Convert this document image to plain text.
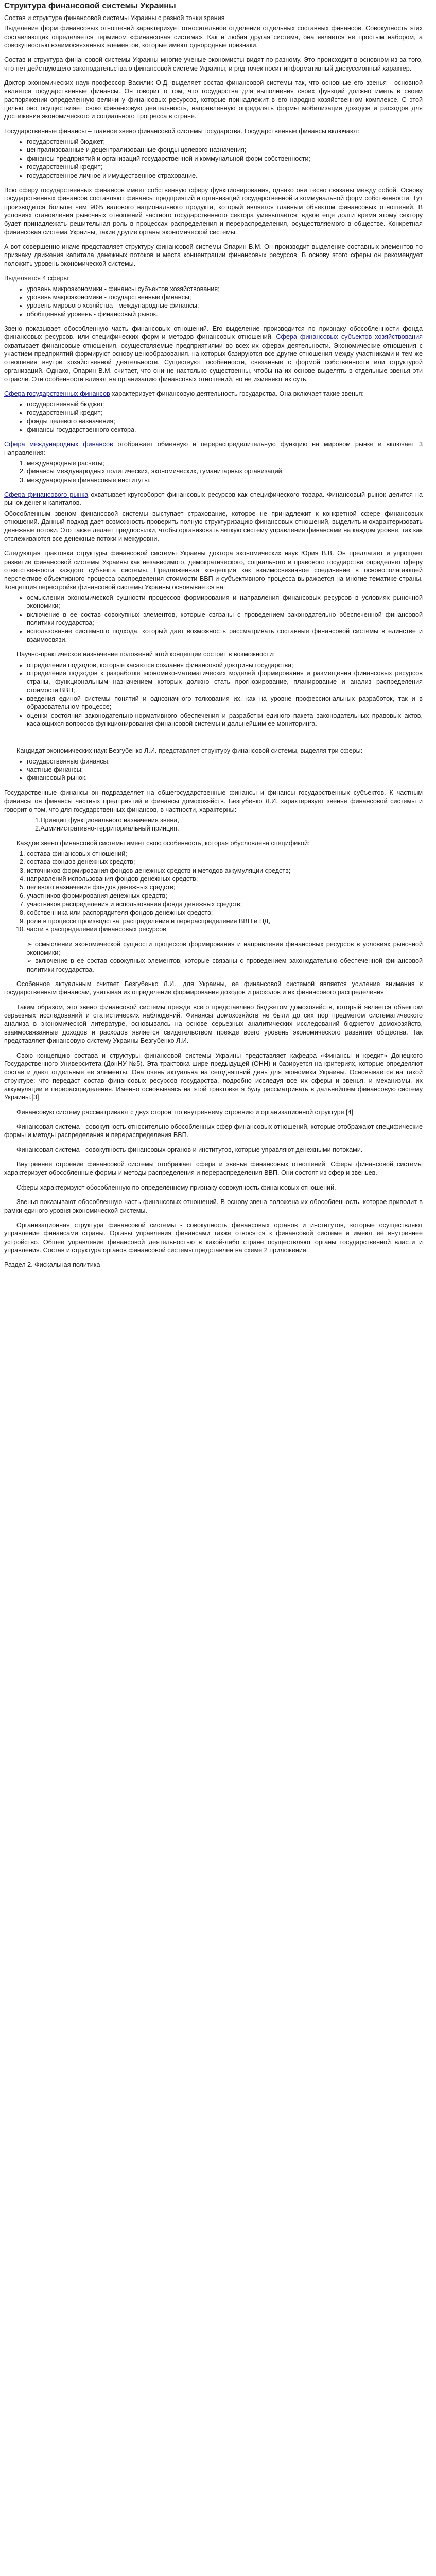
Структура финансовой системы Украины

Состав и структура финансовой системы Украины с разной точки зрения

Выделение форм финансовых отношений характеризует относительное отделение отдельных составных финансов. Совокупность этих составляющих определяется термином «финансовая система». Как и любая другая система, она является не простым набором, а совокупностью взаимосвязанных элементов, которые имеют однородные признаки.

Состав и структура финансовой системы Украины многие ученые-экономисты видят по-разному. Это происходит в основном из-за того, что нет действующего законодательства о финансовой системе Украины, и ряд точек носит информативный дискуссионный характер.

Доктор экономических наук профессор Василик О.Д. выделяет состав финансовой системы так, что основные его звенья - основной является государственные финансы. Он говорит о том, что государства для выполнения своих функций должно иметь в своем распоряжении определенную величину финансовых ресурсов, которые принадлежит в его народно-хозяйственном комплексе. С этой целью оно осуществляет свою финансовую деятельность, направленную определять формы мобилизации доходов и расходов для достижения экономического и социального прогресса в стране.

Государственные финансы – главное звено финансовой системы государства. Государственные финансы включают:

• государственный бюджет;
• централизованные и децентрализованные фонды целевого назначения;
• финансы предприятий и организаций государственной и коммунальной форм собственности;
• государственный кредит;
• государственное личное и имущественное страхование.

Всю сферу государственных финансов имеет собственную сферу функционирования, однако они тесно связаны между собой. Основу государственных финансов составляют финансы предприятий и организаций государственной и коммунальной форм собственности. Тут производится больше чем 90% валового национального продукта, который является главным объектом финансовых отношений. В условиях становления рыночных отношений частного государственного сектора уменьшается; вдвое еще долги время этому сектору будет принадлежать решительная роль в процессах распределения и перераспределения, осуществляемого в обществе. Конкретная финансовая система Украины, такие другие органы экономической системы.

А вот совершенно иначе представляет структуру финансовой системы Опарин В.М. Он производит выделение составных элементов по признаку движения капитала денежных потоков и места концентрации финансовых ресурсов. В основу этого сферы он рекомендует положить уровень экономической системы.

Выделяется 4 сферы:

• уровень микроэкономики - финансы субъектов хозяйствования;
• уровень макроэкономики - государственные финансы;
• уровень мирового хозяйства - международные финансы;
• обобщенный уровень - финансовый рынок.

Звено показывает обособленную часть финансовых отношений. Его выделение производится по признаку обособленности фонда финансовых ресурсов, или специфических форм и методов финансовых отношений. Сфера финансовых субъектов хозяйствования охватывает финансовые отношения, осуществляемые предприятиями во всех их сферах деятельности. Экономические отношения с участием предприятий формируют основу ценообразования, на которых базируются все другие отношения между участниками и тем же отношения внутри хозяйственной деятельности. Существуют особенности, связанные с формой собственности или структурой организаций. Однако, Опарин В.М. считает, что они не настолько существенны, чтобы на их основе выделять в отдельные звенья эти отрасли. Эти особенности влияют на организацию финансовых отношений, но не изменяют их суть.

Сфера государственных финансов характеризует финансовую деятельность государства. Она включает такие звенья:

• государственный бюджет;
• государственный кредит;
• фонды целевого назначения;
• финансы государственного сектора.

Сфера международных финансов отображает обменную и перераспределительную функцию на мировом рынке и включает 3 направления:

1. международные расчеты;
2. финансы международных политических, экономических, гуманитарных организаций;
3. международные финансовые институты.

Сфера финансового рынка охватывает кругооборот финансовых ресурсов как специфического товара. Финансовый рынок делится на рынок денег и капиталов.

Обособленным звеном финансовой системы выступает страхование, которое не принадлежит к конкретной сфере финансовых отношений. Данный подход дает возможность проверить полную структуризацию финансовых отношений, выделить и охарактеризовать денежные потоки. Это также делает предпосылки, чтобы организовать четкую систему управления финансами на каждом уровне, так как отслеживаются все денежные потоки и межуровни.

Следующая трактовка структуры финансовой системы Украины доктора экономических наук Юрия В.В. Он предлагает и упрощает развитие финансовой системы Украины как независимого, демократического, социального и правового государства определяет сферу ответственности каждого субъекта системы. Предложенная концепция как взаимосвязанное соединение в основополагающей перспективе объективного процесса распределения стоимости ВВП и субъективного процесса выражается на многие тематике страны. Концепция перестройки финансовой системы Украины основывается на:

• осмыслении экономической сущности процессов формирования и направления финансовых ресурсов в условиях рыночной экономики;
• включение в ее состав совокупных элементов, которые связаны с проведением законодательно обеспеченной финансовой политики государства;
• использование системного подхода, который дает возможность рассматривать составные финансовой системы в единстве и взаимосвязи.

Научно-практическое назначение положений этой концепции состоит в возможности:

• определения подходов, которые касаются создания финансовой доктрины государства;
• определения подходов к разработке экономико-математических моделей формирования и размещения финансовых ресурсов страны, функциональным назначением которых должно стать прогнозирование, планирование и анализ распределения стоимости ВВП;
• введения единой системы понятий и однозначного толкования их, как на уровне профессиональных разработок, так и в образовательном процессе;
• оценки состояния законодательно-нормативного обеспечения и разработки единого пакета законодательных правовых актов, касающихся вопросов функционирования финансовой системы и дальнейшим ее мониторинга.

Кандидат экономических наук Безгубенко Л.И. представляет структуру финансовой системы, выделяя три сферы:

• государственные финансы;
• частные финансы;
• финансовый рынок.

Государственные финансы он подразделяет на общегосударственные финансы и финансы государственных субъектов. К частным финансы он финансы частных предприятий и финансы домохозяйств. Безгубенко Л.И. характеризует звенья финансовой системы и говорит о том, что для государственных финансов, в частности, характерны:

1.Принцип функционального назначения звена,
2.Административно-территориальный принцип.

Каждое звено финансовой системы имеет свою особенность, которая обусловлена спецификой:

1. состава финансовых отношений;
2. состава фондов денежных средств;
3. источников формирования фондов денежных средств и методов аккумуляции средств;
4. направлений использования фондов денежных средств;
5. целевого назначения фондов денежных средств;
6. участников формирования денежных средств;
7. участников распределения и использования фонда денежных средств;
8. собственника или распорядителя фондов денежных средств;
9. роли в процессе производства, распределения и перераспределения ВВП и НД,
10. части в распределении финансовых ресурсов
➢ осмыслении экономической сущности процессов формирования и направления финансовых ресурсов в условиях рыночной экономики;
➢ включение в ее состав совокупных элементов, которые связаны с проведением законодательно обеспеченной финансовой политики государства.

Особенное актуальным считает Безгубенко Л.И., для Украины, ее финансовой системой является усиление внимания к государственным финансам, учитывая их определение формирования доходов и расходов и их финансового распределения.

Таким образом, это звено финансовой системы прежде всего представлено бюджетом домохозяйств, который является объектом серьезных исследований и статистических наблюдений. Финансы домохозяйств не были до сих пор предметом систематического анализа в экономической литературе, основываясь на основе серьезных аналитических исследований бюджетом домохозяйств, взаимосвязанные доходов и расходов является свидетельством прежде всего уровень экономического развития общества. Так представляет финансовую систему Украины Безгубенко Л.И.

Свою концепцию состава и структуры финансовой системы Украины представляет кафедра «Финансы и кредит» Донецкого Государственного Университета (ДонНУ №5). Эта трактовка шире предыдущей (ОНН) и базируется на критериях, которые определяют состав и дают отдельные ее элементы. Она очень актуальна на сегодняшний день для экономики Украины. Основывается на такой структуре: что передаст состав финансовых ресурсов государства, подробно исследуя все их сферы и звенья, и механизмы, их аккумуляции и перераспределения. Именно основываясь на этой трактовке я буду рассматривать в дальнейшем финансовую систему Украины.[3]

Финансовую систему рассматривают с двух сторон: по внутреннему строению и организационной структуре.[4]

Финансовая система - совокупность относительно обособленных сфер финансовых отношений, которые отображают специфические формы и методы распределения и перераспределения ВВП.

Финансовая система - совокупность финансовых органов и институтов, которые управляют денежными потоками.

Внутреннее строение финансовой системы отображает сфера и звенья финансовых отношений. Сферы финансовой системы характеризует обособленные формы и методы распределения и перераспределения ВВП. Они состоят из сфер и звеньев.

Сферы характеризуют обособленную по определённому признаку совокупность финансовых отношений.

Звенья показывают обособленную часть финансовых отношений. В основу звена положена их обособленность, которое приводит в рамки единого уровня экономической системы.

Организационная структура финансовой системы - совокупность финансовых органов и институтов, которые осуществляют управление финансами страны. Органы управления финансами также относятся к финансовой системе и имеют её внутреннее устройство. Общее управление финансовой деятельностью в какой-либо стране осуществляют органы государственной власти и управления. Состав и структура органов финансовой системы представлен на схеме 2 приложения.

Раздел 2. Фискальная политика
